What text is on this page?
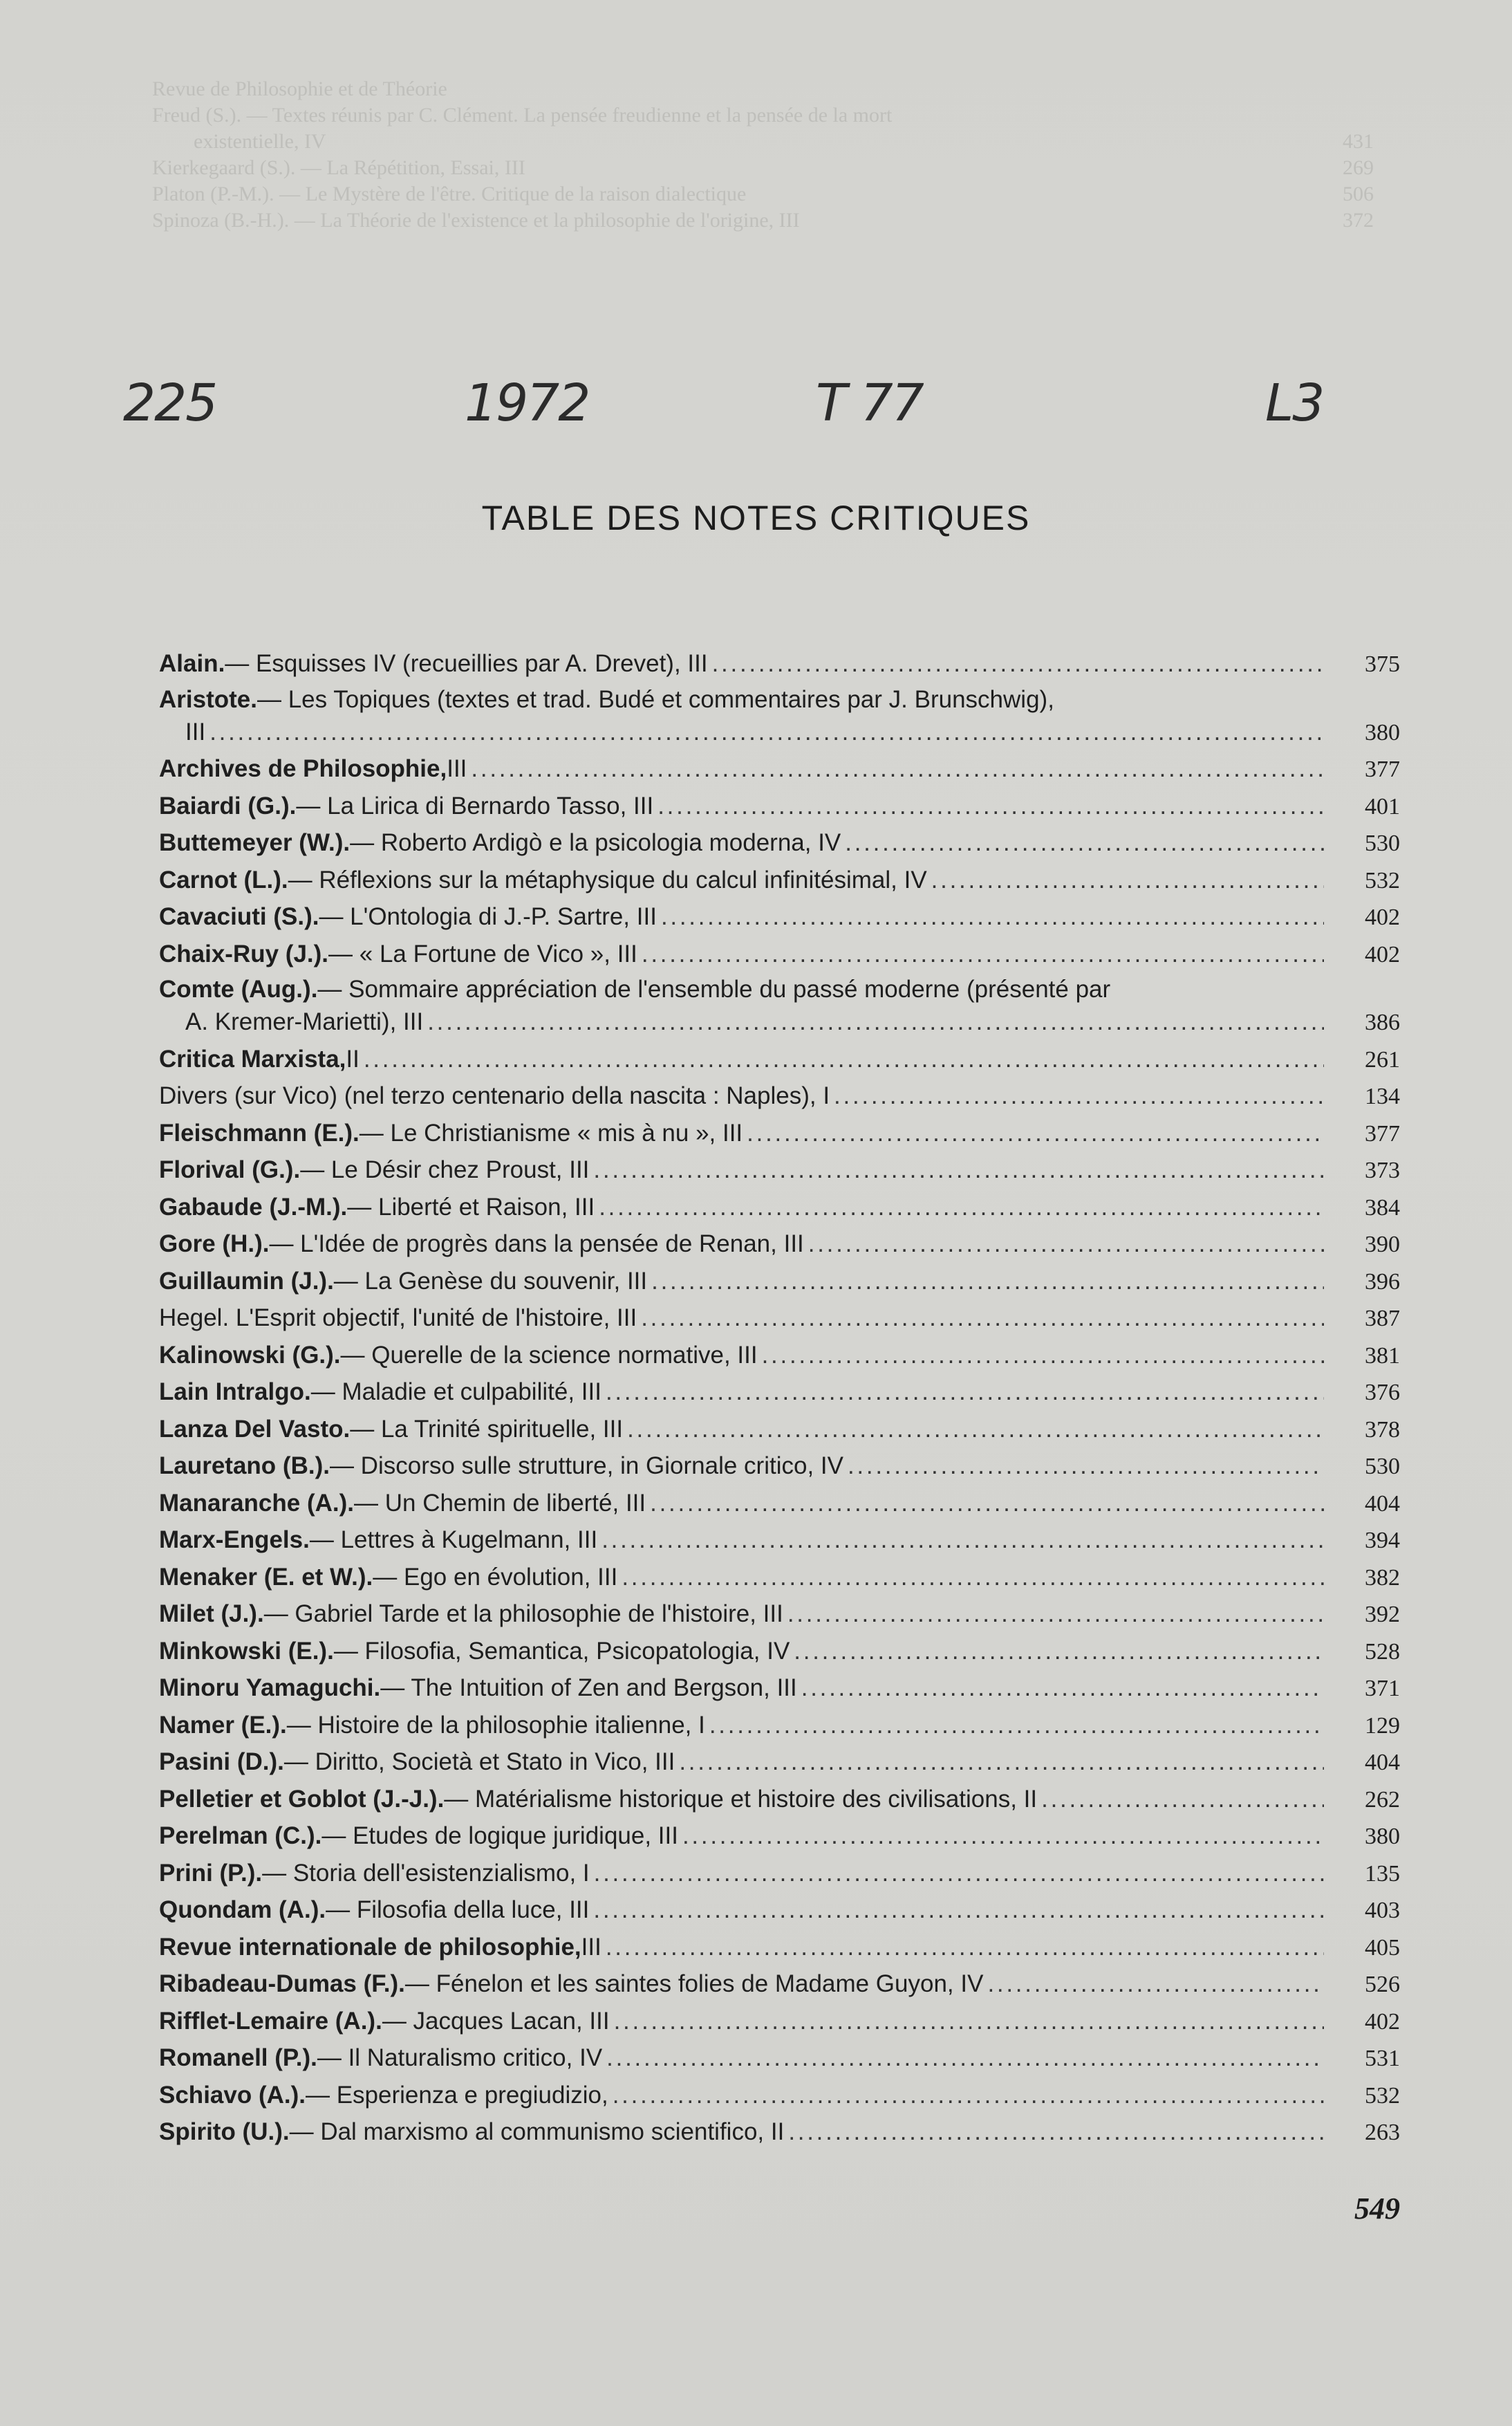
Revue de Philosophie et de Théorie
Freud (S.). — Textes réunis par C. Clément. La pensée freudienne et la pensée de la mort
existentielle, IV	431
Kierkegaard (S.). — La Répétition, Essai, III	269
Platon (P.-M.). — Le Mystère de l'être. Critique de la raison dialectique	506
Spinoza (B.-H.). — La Théorie de l'existence et la philosophie de l'origine, III	372
225	1972	T 77	L3
TABLE DES NOTES CRITIQUES
Alain. — Esquisses IV (recueillies par A. Drevet), III . . .	375
Aristote. — Les Topiques (textes et trad. Budé et commentaires par J. Brunschwig),
III . . .	380
Archives de Philosophie, III . . .	377
Baiardi (G.). — La Lirica di Bernardo Tasso, III . . .	401
Buttemeyer (W.). — Roberto Ardigò e la psicologia moderna, IV . . .	530
Carnot (L.). — Réflexions sur la métaphysique du calcul infinitésimal, IV . . .	532
Cavaciuti (S.). — L'Ontologia di J.-P. Sartre, III . . .	402
Chaix-Ruy (J.). — « La Fortune de Vico », III . . .	402
Comte (Aug.). — Sommaire appréciation de l'ensemble du passé moderne (présenté par
A. Kremer-Marietti), III . . .	386
Critica Marxista, II . . .	261
Divers (sur Vico) (nel terzo centenario della nascita : Naples), I . . .	134
Fleischmann (E.). — Le Christianisme « mis à nu », III . . .	377
Florival (G.). — Le Désir chez Proust, III . . .	373
Gabaude (J.-M.). — Liberté et Raison, III . . .	384
Gore (H.). — L'Idée de progrès dans la pensée de Renan, III . . .	390
Guillaumin (J.). — La Genèse du souvenir, III . . .	396
Hegel. L'Esprit objectif, l'unité de l'histoire, III . . .	387
Kalinowski (G.). — Querelle de la science normative, III . . .	381
Lain Intralgo. — Maladie et culpabilité, III . . .	376
Lanza Del Vasto. — La Trinité spirituelle, III . . .	378
Lauretano (B.). — Discorso sulle strutture, in Giornale critico, IV . . .	530
Manaranche (A.). — Un Chemin de liberté, III . . .	404
Marx-Engels. — Lettres à Kugelmann, III . . .	394
Menaker (E. et W.). — Ego en évolution, III . . .	382
Milet (J.). — Gabriel Tarde et la philosophie de l'histoire, III . . .	392
Minkowski (E.). — Filosofia, Semantica, Psicopatologia, IV . . .	528
Minoru Yamaguchi. — The Intuition of Zen and Bergson, III . . .	371
Namer (E.). — Histoire de la philosophie italienne, I . . .	129
Pasini (D.). — Diritto, Società et Stato in Vico, III . . .	404
Pelletier et Goblot (J.-J.). — Matérialisme historique et histoire des civilisations, II . . .	262
Perelman (C.). — Etudes de logique juridique, III . . .	380
Prini (P.). — Storia dell'esistenzialismo, I . . .	135
Quondam (A.). — Filosofia della luce, III . . .	403
Revue internationale de philosophie, III . . .	405
Ribadeau-Dumas (F.). — Fénelon et les saintes folies de Madame Guyon, IV . . .	526
Rifflet-Lemaire (A.). — Jacques Lacan, III . . .	402
Romanell (P.). — Il Naturalismo critico, IV . . .	531
Schiavo (A.). — Esperienza e pregiudizio, . . .	532
Spirito (U.). — Dal marxismo al communismo scientifico, II . . .	263
549
